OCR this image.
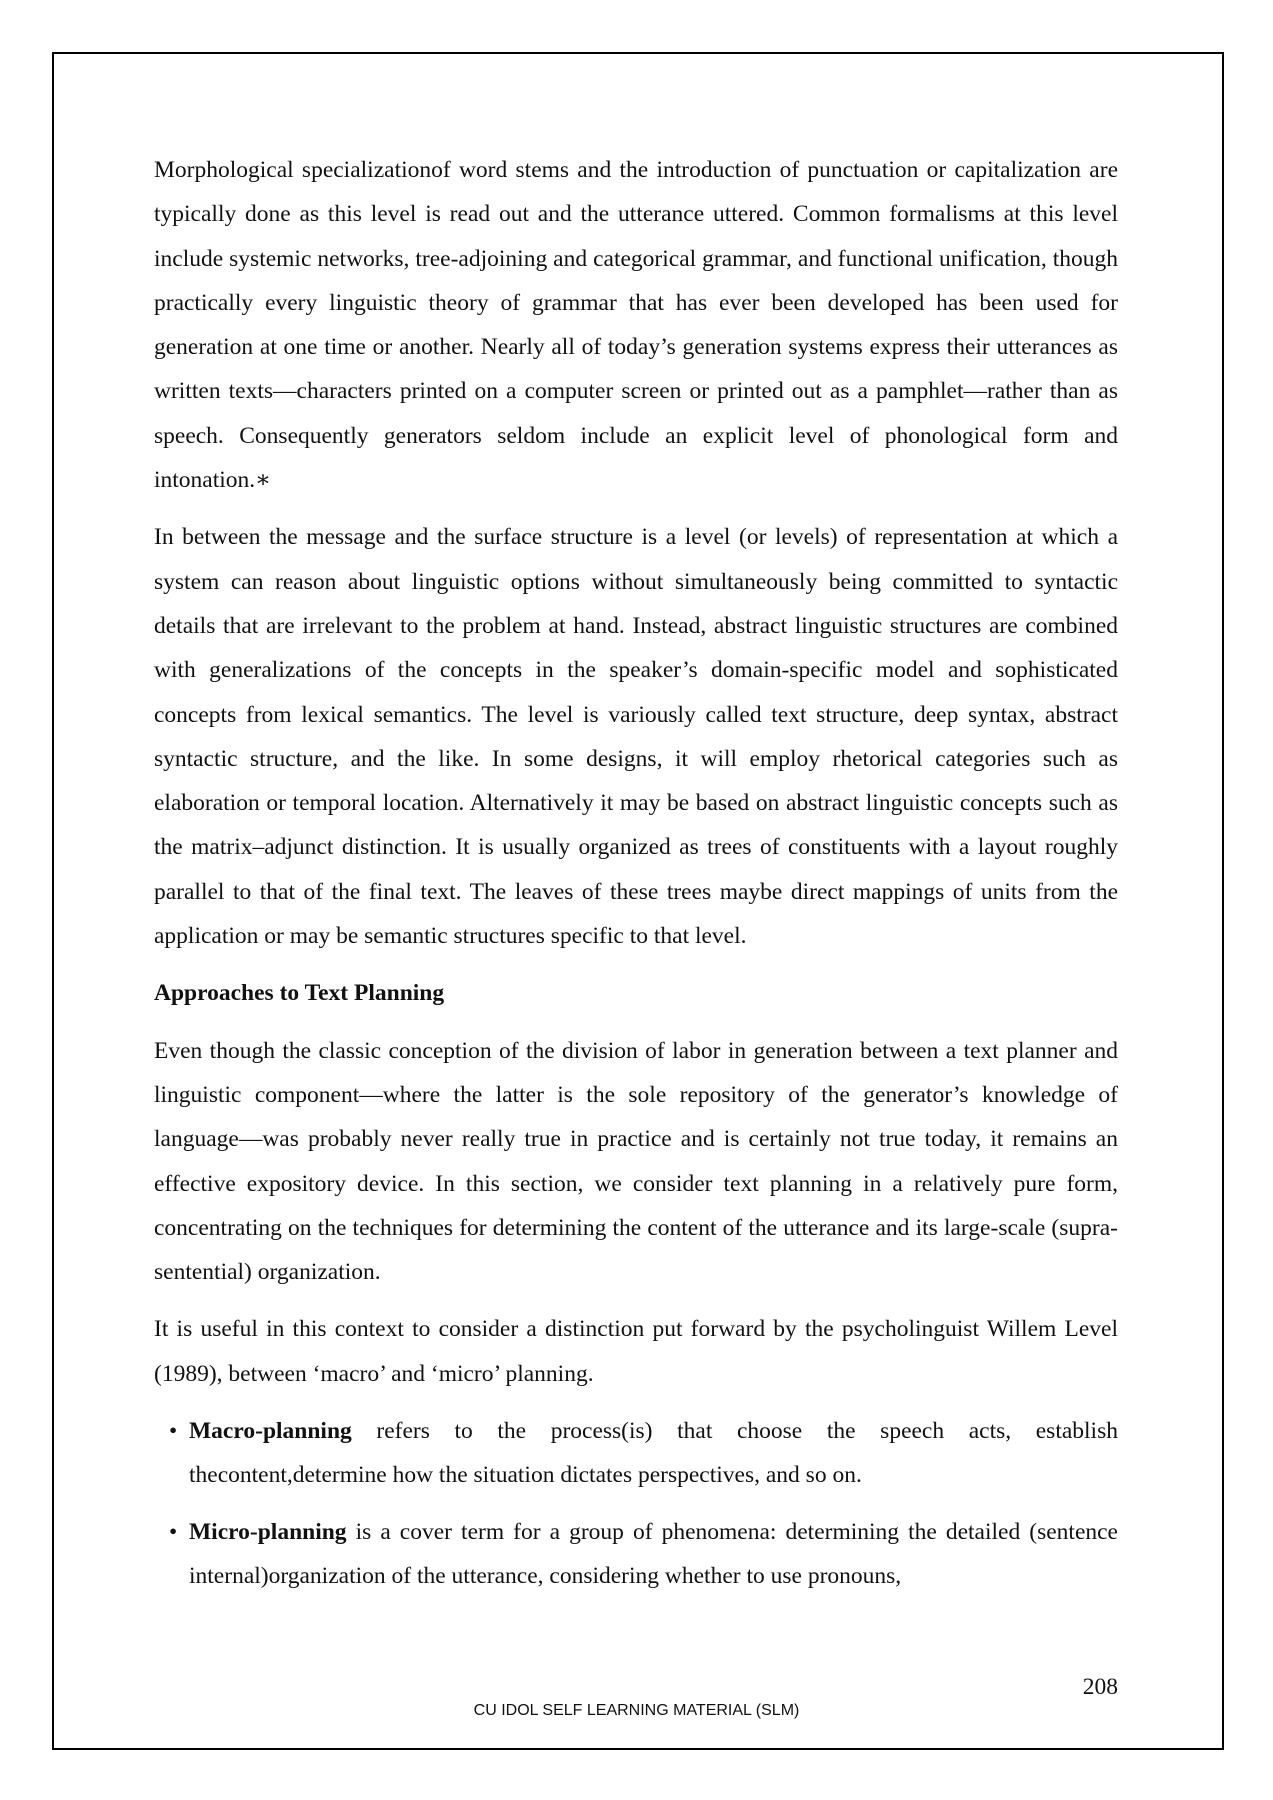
Morphological specializationof word stems and the introduction of punctuation or capitalization are typically done as this level is read out and the utterance uttered. Common formalisms at this level include systemic networks, tree-adjoining and categorical grammar, and functional unification, though practically every linguistic theory of grammar that has ever been developed has been used for generation at one time or another. Nearly all of today’s generation systems express their utterances as written texts—characters printed on a computer screen or printed out as a pamphlet—rather than as speech. Consequently generators seldom include an explicit level of phonological form and intonation.∗

In between the message and the surface structure is a level (or levels) of representation at which a system can reason about linguistic options without simultaneously being committed to syntactic details that are irrelevant to the problem at hand. Instead, abstract linguistic structures are combined with generalizations of the concepts in the speaker’s domain-specific model and sophisticated concepts from lexical semantics. The level is variously called text structure, deep syntax, abstract syntactic structure, and the like. In some designs, it will employ rhetorical categories such as elaboration or temporal location. Alternatively it may be based on abstract linguistic concepts such as the matrix–adjunct distinction. It is usually organized as trees of constituents with a layout roughly parallel to that of the final text. The leaves of these trees maybe direct mappings of units from the application or may be semantic structures specific to that level.

Approaches to Text Planning

Even though the classic conception of the division of labor in generation between a text planner and linguistic component—where the latter is the sole repository of the generator’s knowledge of language—was probably never really true in practice and is certainly not true today, it remains an effective expository device. In this section, we consider text planning in a relatively pure form, concentrating on the techniques for determining the content of the utterance and its large-scale (supra-sentential) organization.

It is useful in this context to consider a distinction put forward by the psycholinguist Willem Level (1989), between ‘macro’ and ‘micro’ planning.

• Macro-planning refers to the process(is) that choose the speech acts, establish thecontent,determine how the situation dictates perspectives, and so on.
• Micro-planning is a cover term for a group of phenomena: determining the detailed (sentence internal)organization of the utterance, considering whether to use pronouns,
208
CU IDOL SELF LEARNING MATERIAL (SLM)
